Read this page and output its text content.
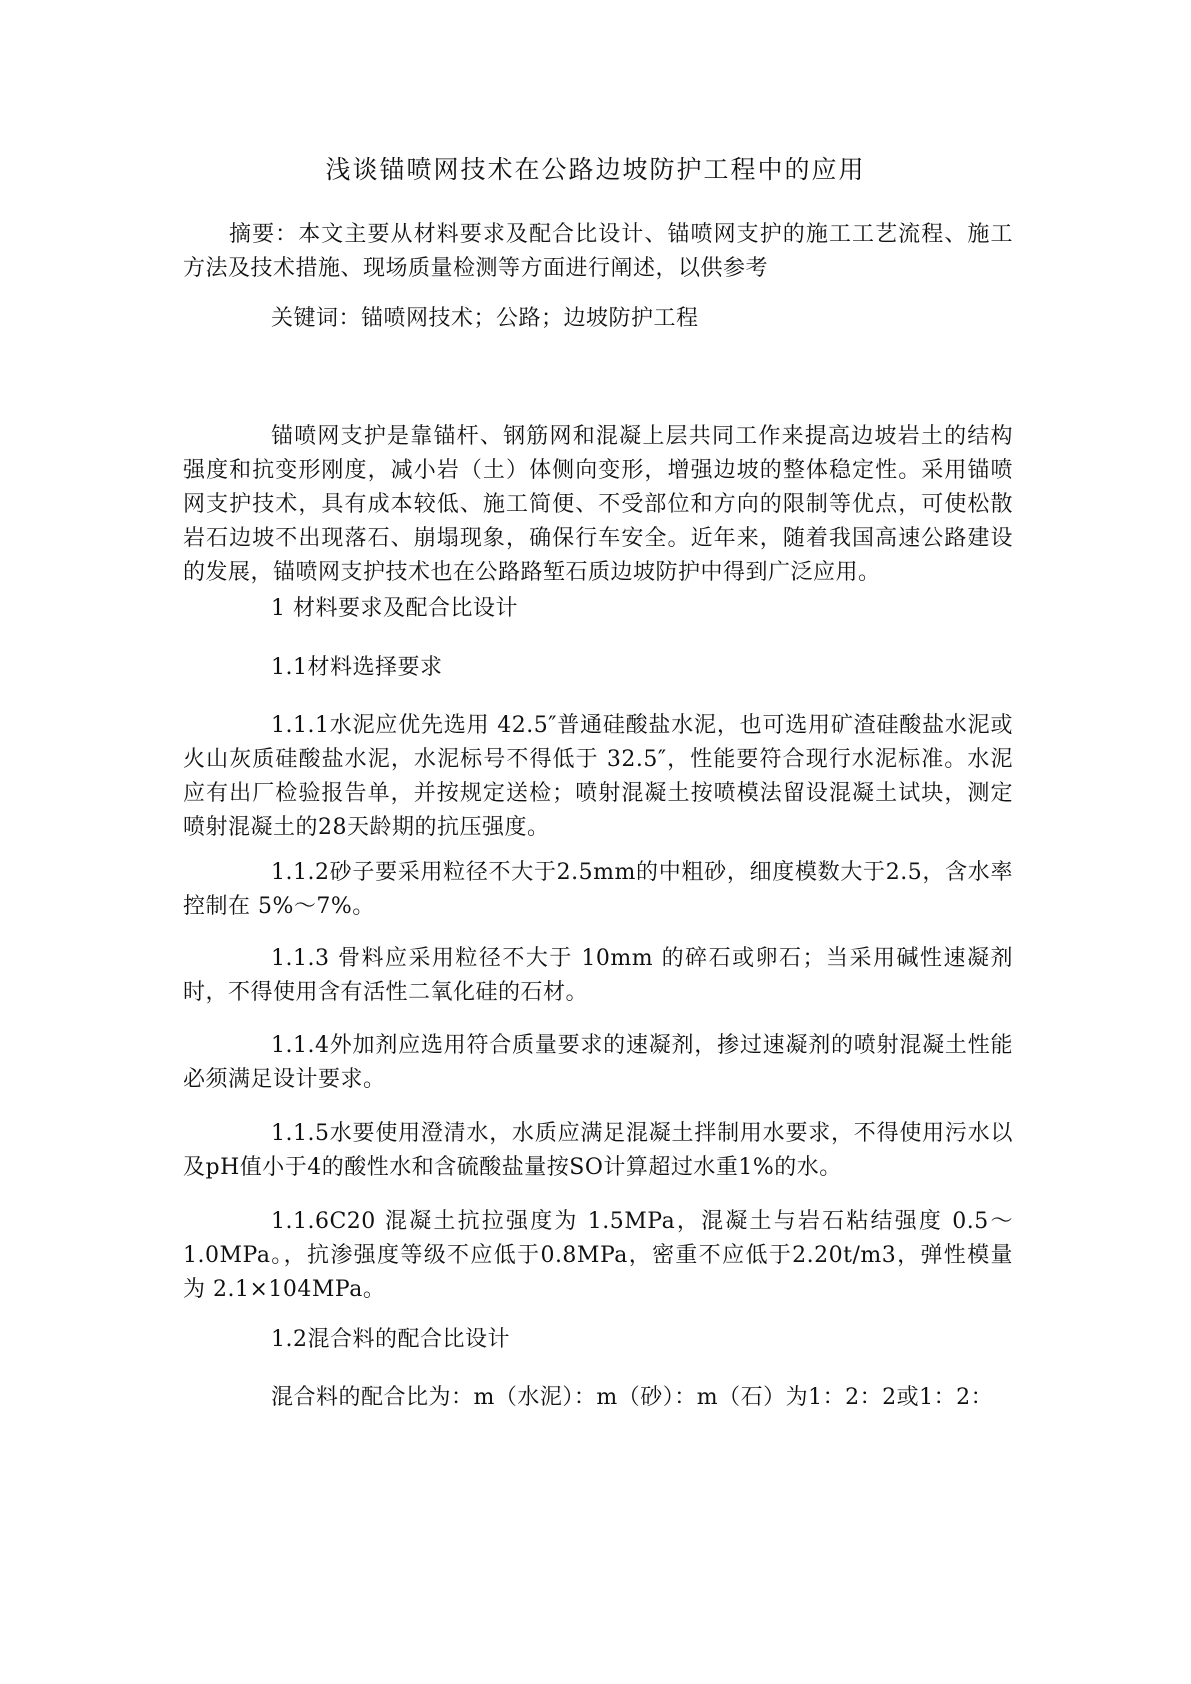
浅谈锚喷网技术在公路边坡防护工程中的应用

摘要：本文主要从材料要求及配合比设计、锚喷网支护的施工工艺流程、施工方法及技术措施、现场质量检测等方面进行阐述，以供参考

关键词：锚喷网技术；公路；边坡防护工程

锚喷网支护是靠锚杆、钢筋网和混凝上层共同工作来提高边坡岩土的结构强度和抗变形刚度，减小岩（土）体侧向变形，增强边坡的整体稳定性。采用锚喷网支护技术，具有成本较低、施工简便、不受部位和方向的限制等优点，可使松散岩石边坡不出现落石、崩塌现象，确保行车安全。近年来，随着我国高速公路建设的发展，锚喷网支护技术也在公路路堑石质边坡防护中得到广泛应用。

1 材料要求及配合比设计

1.1材料选择要求

1.1.1水泥应优先选用 42.5″普通硅酸盐水泥，也可选用矿渣硅酸盐水泥或火山灰质硅酸盐水泥，水泥标号不得低于 32.5″，性能要符合现行水泥标准。水泥应有出厂检验报告单，并按规定送检；喷射混凝土按喷模法留设混凝土试块，测定喷射混凝土的28天龄期的抗压强度。

1.1.2砂子要采用粒径不大于2.5mm的中粗砂，细度模数大于2.5，含水率控制在 5%～7%。

1.1.3 骨料应采用粒径不大于 10mm 的碎石或卵石；当采用碱性速凝剂时，不得使用含有活性二氧化硅的石材。

1.1.4外加剂应选用符合质量要求的速凝剂，掺过速凝剂的喷射混凝土性能必须满足设计要求。

1.1.5水要使用澄清水，水质应满足混凝土拌制用水要求，不得使用污水以及pH值小于4的酸性水和含硫酸盐量按SO计算超过水重1%的水。

1.1.6C20 混凝土抗拉强度为 1.5MPa，混凝土与岩石粘结强度 0.5～1.0MPa。，抗渗强度等级不应低于0.8MPa，密重不应低于2.20t/m3，弹性模量为 2.1×104MPa。

1.2混合料的配合比设计

混合料的配合比为：m（水泥）：m（砂）：m（石）为1：2：2或1：2：
